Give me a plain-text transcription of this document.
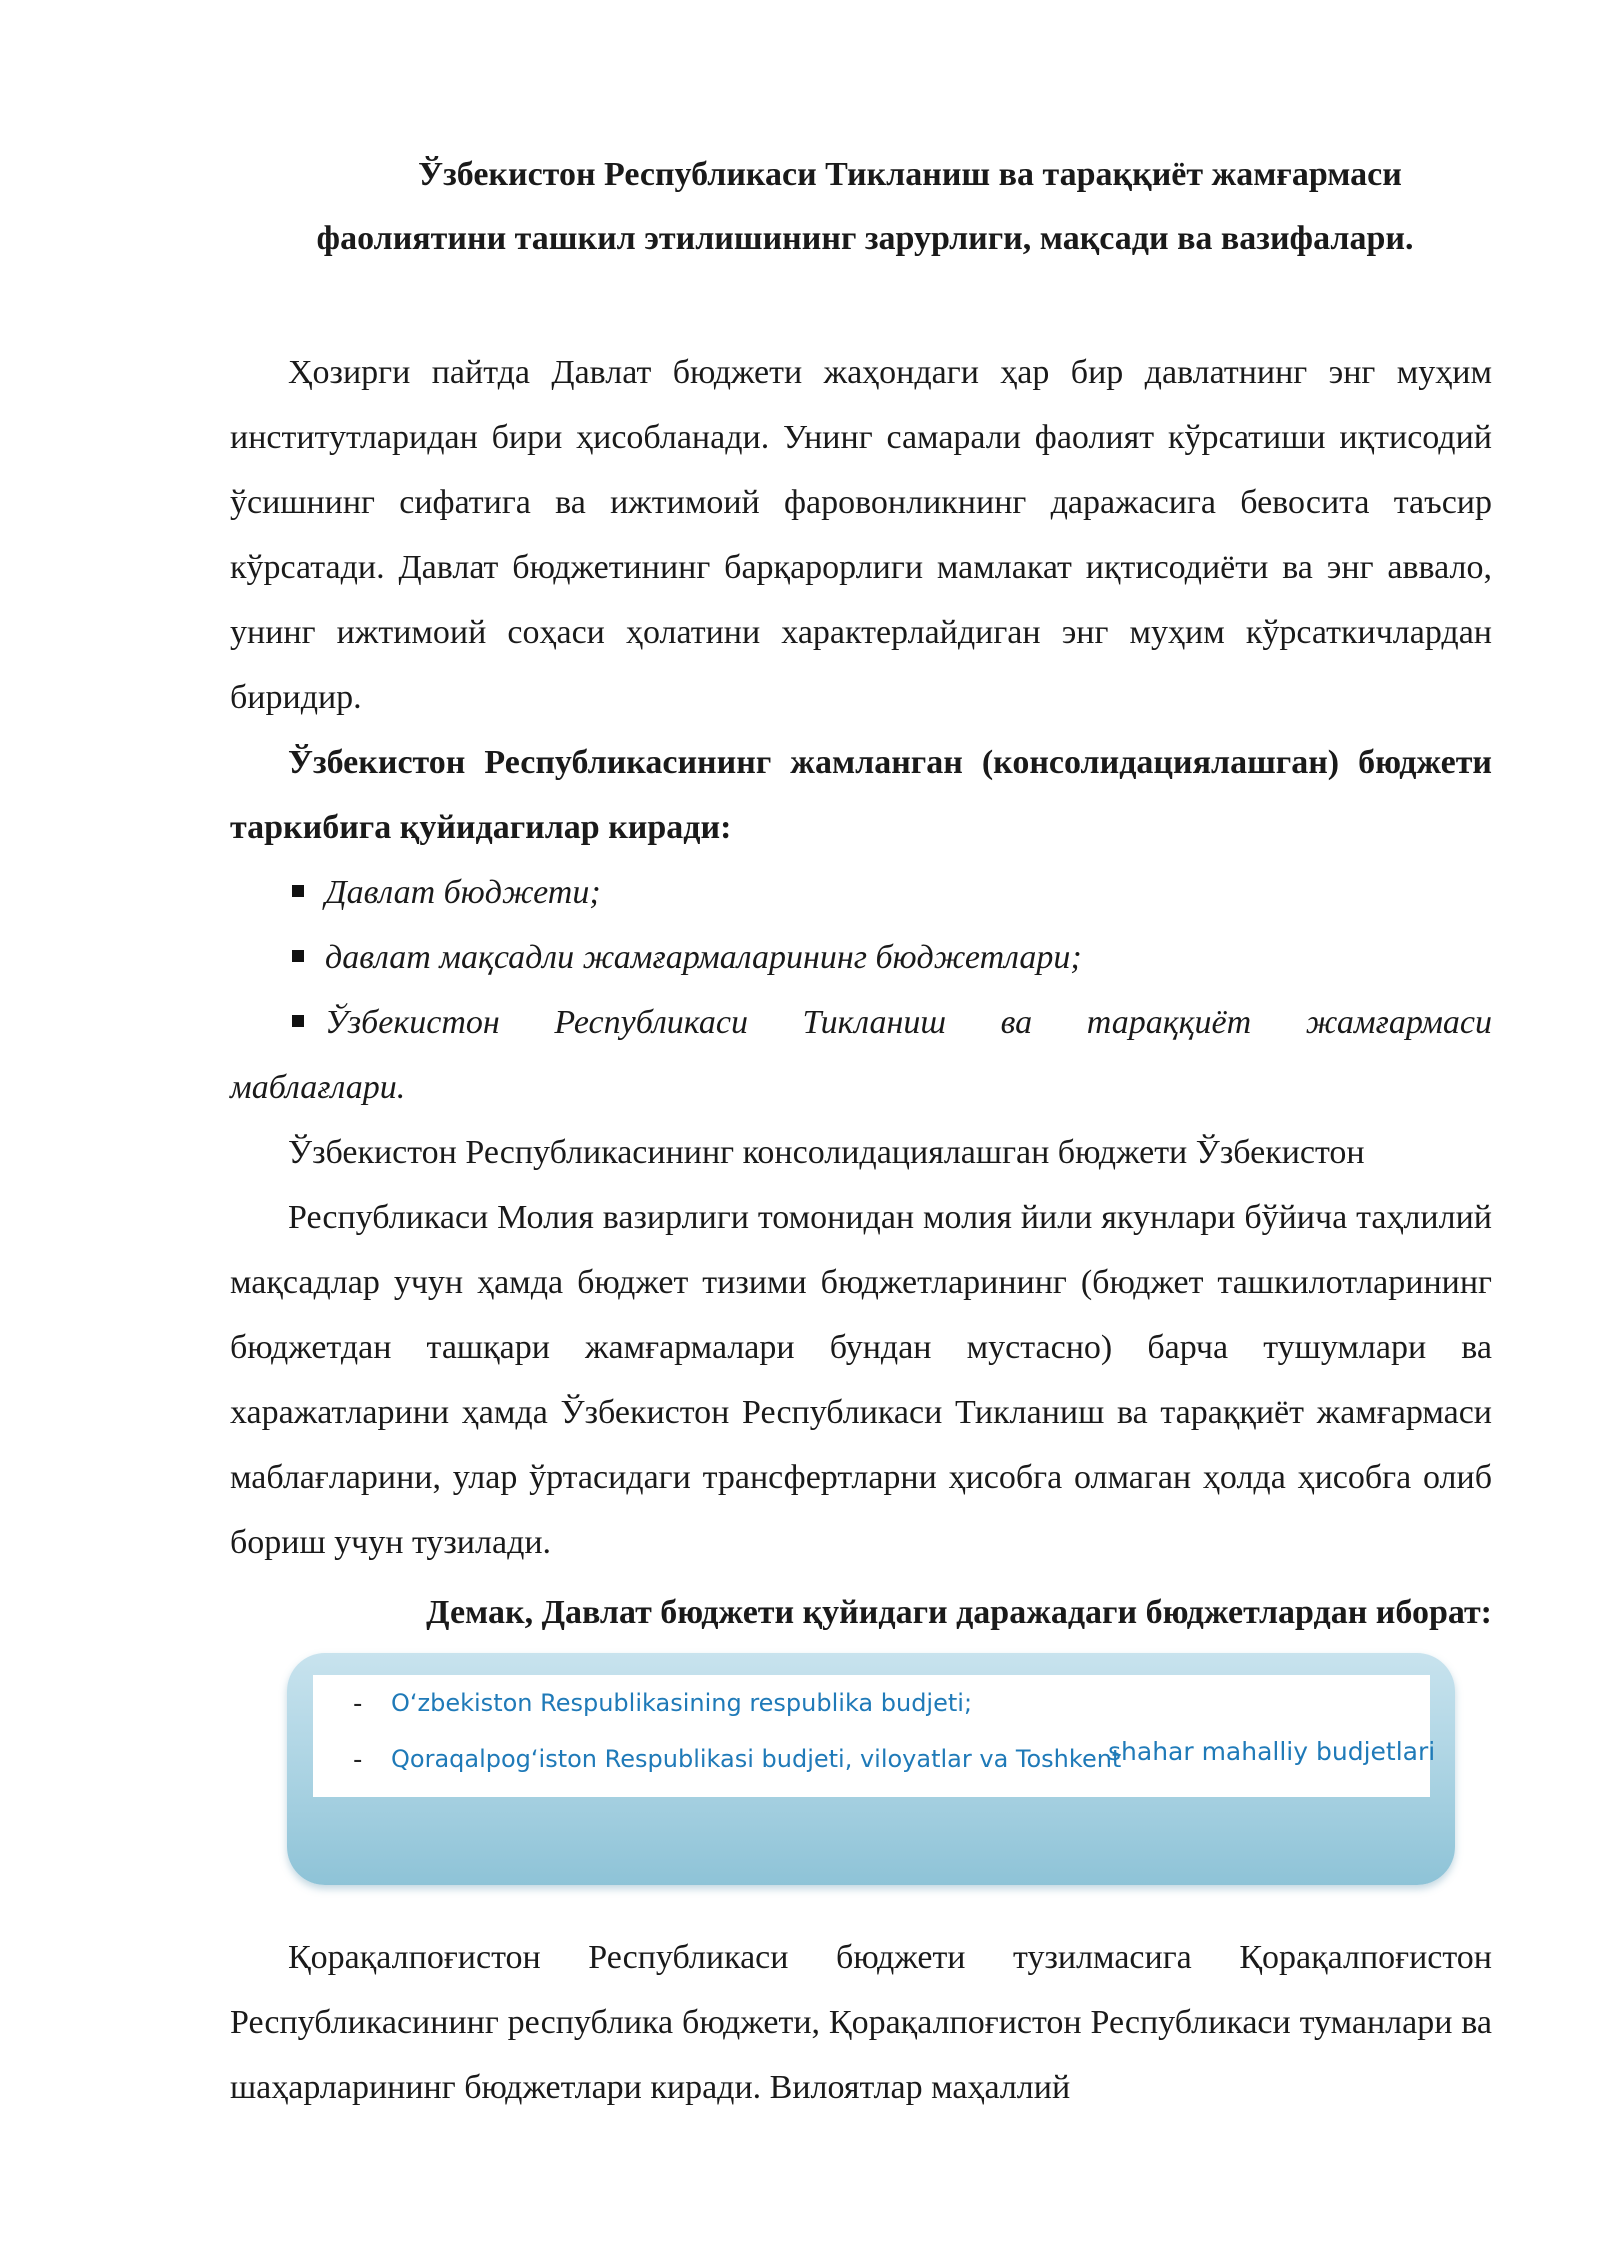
Ўзбекистон Республикаси Тикланиш ва тараққиёт жамғармаси
фаолиятини ташкил этилишининг зарурлиги, мақсади ва вазифалари.
Ҳозирги пайтда Давлат бюджети жаҳондаги ҳар бир давлатнинг энг муҳим институтларидан бири ҳисобланади. Унинг самарали фаолият кўрсатиши иқтисодий ўсишнинг сифатига ва ижтимоий фаровонликнинг даражасига бевосита таъсир кўрсатади. Давлат бюджетининг барқарорлиги мамлакат иқтисодиёти ва энг аввало, унинг ижтимоий соҳаси ҳолатини характерлайдиган энг муҳим кўрсаткичлардан биридир.
Ўзбекистон Республикасининг жамланган (консолидациялашган) бюджети таркибига қуйидагилар киради:
Давлат бюджети;
давлат мақсадли жамғармаларининг бюджетлари;
Ўзбекистон Республикаси Тикланиш ва тараққиёт жамғармаси
маблағлари.
Ўзбекистон Республикасининг консолидациялашган бюджети Ўзбекистон
Республикаси Молия вазирлиги томонидан молия йили якунлари бўйича таҳлилий мақсадлар учун ҳамда бюджет тизими бюджетларининг (бюджет ташкилотларининг бюджетдан ташқари жамғармалари бундан мустасно) барча тушумлари ва харажатларини ҳамда Ўзбекистон Республикаси Тикланиш ва тараққиёт жамғармаси маблағларини, улар ўртасидаги трансфертларни ҳисобга олмаган ҳолда ҳисобга олиб бориш учун тузилади.
Демак, Давлат бюджети қуйидаги даражадаги бюджетлардан иборат:
- O‘zbekiston Respublikasining respublika budjeti;
- Qoraqalpog‘iston Respublikasi budjeti, viloyatlar va Toshkent
shahar mahalliy budjetlari
Қорақалпоғистон Республикаси бюджети тузилмасига Қорақалпоғистон Республикасининг республика бюджети, Қорақалпоғистон Республикаси туманлари ва шаҳарларининг бюджетлари киради. Вилоятлар маҳаллий
